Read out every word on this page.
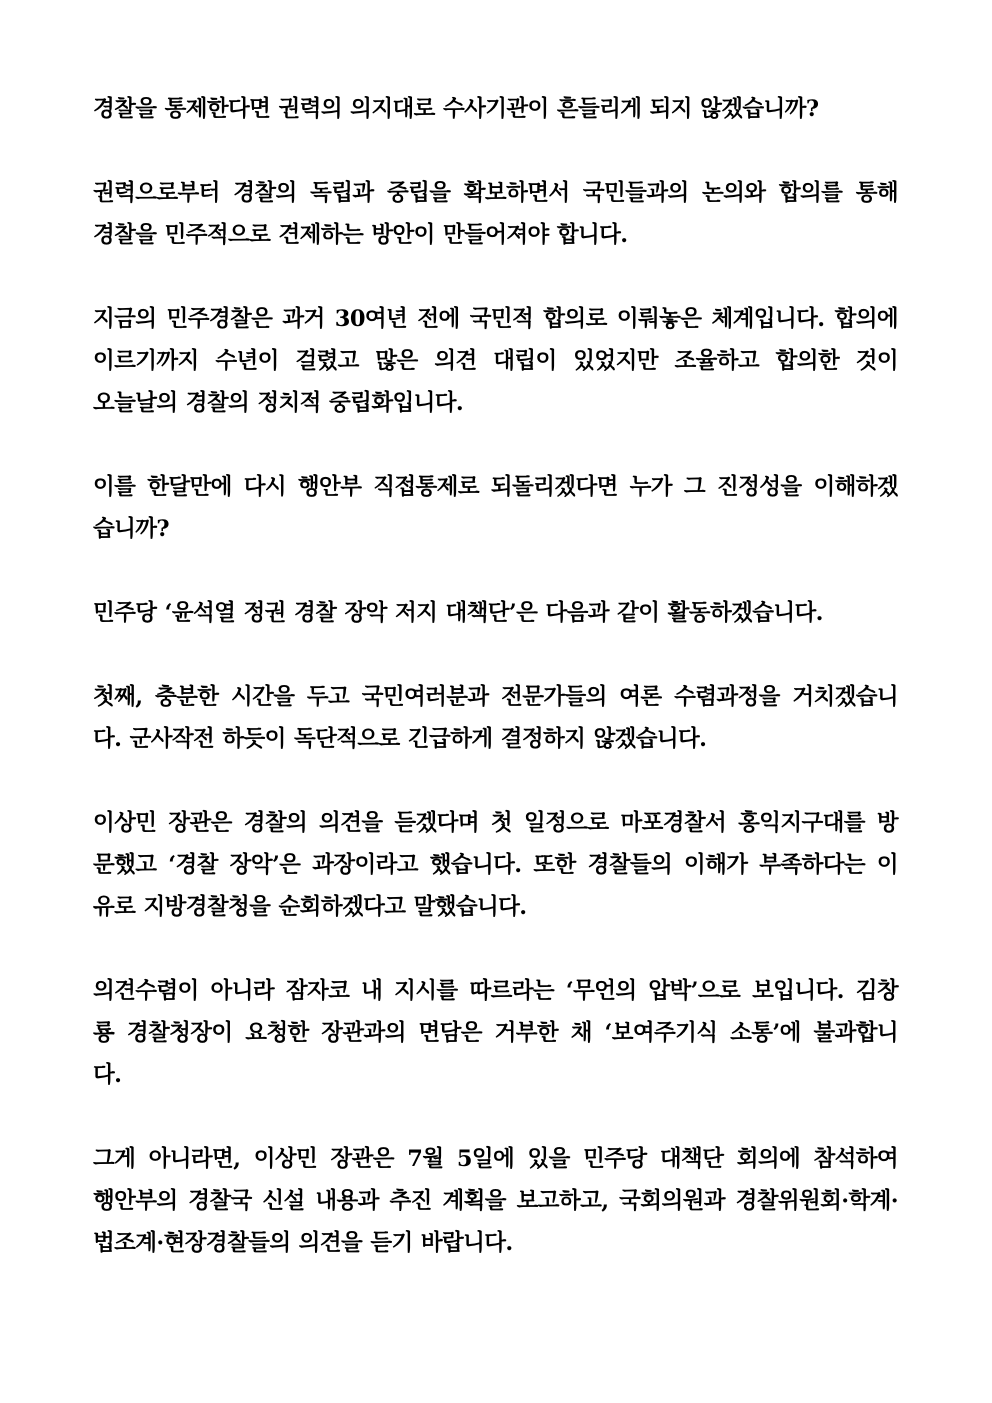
경찰을 통제한다면 권력의 의지대로 수사기관이 흔들리게 되지 않겠습니까?

권력으로부터 경찰의 독립과 중립을 확보하면서 국민들과의 논의와 합의를 통해
경찰을 민주적으로 견제하는 방안이 만들어져야 합니다.

지금의 민주경찰은 과거 30여년 전에 국민적 합의로 이뤄놓은 체계입니다. 합의에
이르기까지 수년이 걸렸고 많은 의견 대립이 있었지만 조율하고 합의한 것이
오늘날의 경찰의 정치적 중립화입니다.

이를 한달만에 다시 행안부 직접통제로 되돌리겠다면 누가 그 진정성을 이해하겠
습니까?

민주당 ‘윤석열 정권 경찰 장악 저지 대책단’은 다음과 같이 활동하겠습니다.

첫째, 충분한 시간을 두고 국민여러분과 전문가들의 여론 수렴과정을 거치겠습니
다. 군사작전 하듯이 독단적으로 긴급하게 결정하지 않겠습니다.

이상민 장관은 경찰의 의견을 듣겠다며 첫 일정으로 마포경찰서 홍익지구대를 방
문했고 ‘경찰 장악’은 과장이라고 했습니다. 또한 경찰들의 이해가 부족하다는 이
유로 지방경찰청을 순회하겠다고 말했습니다.

의견수렴이 아니라 잠자코 내 지시를 따르라는 ‘무언의 압박’으로 보입니다. 김창
룡 경찰청장이 요청한 장관과의 면담은 거부한 채 ‘보여주기식 소통’에 불과합니
다.

그게 아니라면, 이상민 장관은 7월 5일에 있을 민주당 대책단 회의에 참석하여
행안부의 경찰국 신설 내용과 추진 계획을 보고하고, 국회의원과 경찰위원회·학계·
법조계·현장경찰들의 의견을 듣기 바랍니다.
